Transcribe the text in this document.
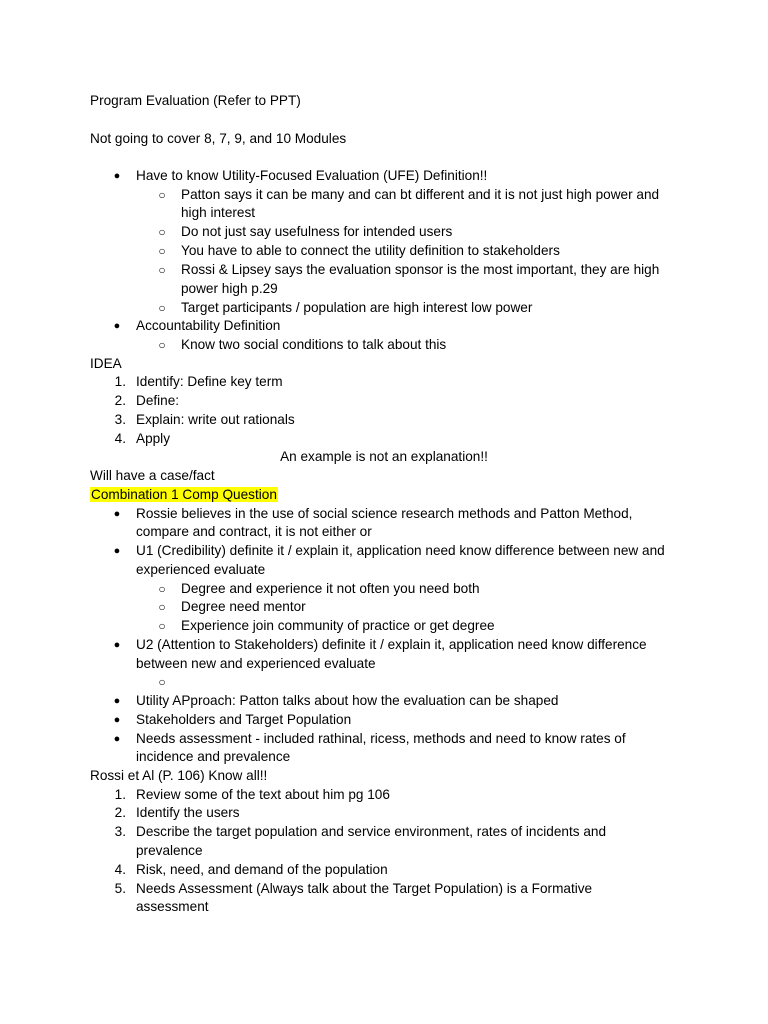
Program Evaluation (Refer to PPT)
Not going to cover 8, 7, 9, and 10 Modules
●	Have to know Utility-Focused Evaluation (UFE) Definition!!
○	Patton says it can be many and can bt different and it is not just high power and
high interest
○	Do not just say usefulness for intended users
○	You have to able to connect the utility definition to stakeholders
○	Rossi & Lipsey says the evaluation sponsor is the most important, they are high
power high p.29
○	Target participants / population are high interest low power
●	Accountability Definition
○	Know two social conditions to talk about this
IDEA
1. Identify: Define key term
2. Define:
3. Explain: write out rationals
4. Apply
An example is not an explanation!!
Will have a case/fact
Combination 1 Comp Question
●	Rossie believes in the use of social science research methods and Patton Method,
compare and contract, it is not either or
●	U1 (Credibility) definite it / explain it, application need know difference between new and
experienced evaluate
○	Degree and experience it not often you need both
○	Degree need mentor
○	Experience join community of practice or get degree
●	U2 (Attention to Stakeholders) definite it / explain it, application need know difference
between new and experienced evaluate
○
●	Utility APproach: Patton talks about how the evaluation can be shaped
●	Stakeholders and Target Population
●	Needs assessment - included rathinal, ricess, methods and need to know rates of
incidence and prevalence
Rossi et Al (P. 106) Know all!!
1. Review some of the text about him pg 106
2. Identify the users
3. Describe the target population and service environment, rates of incidents and
prevalence
4. Risk, need, and demand of the population
5. Needs Assessment (Always talk about the Target Population) is a Formative
assessment
